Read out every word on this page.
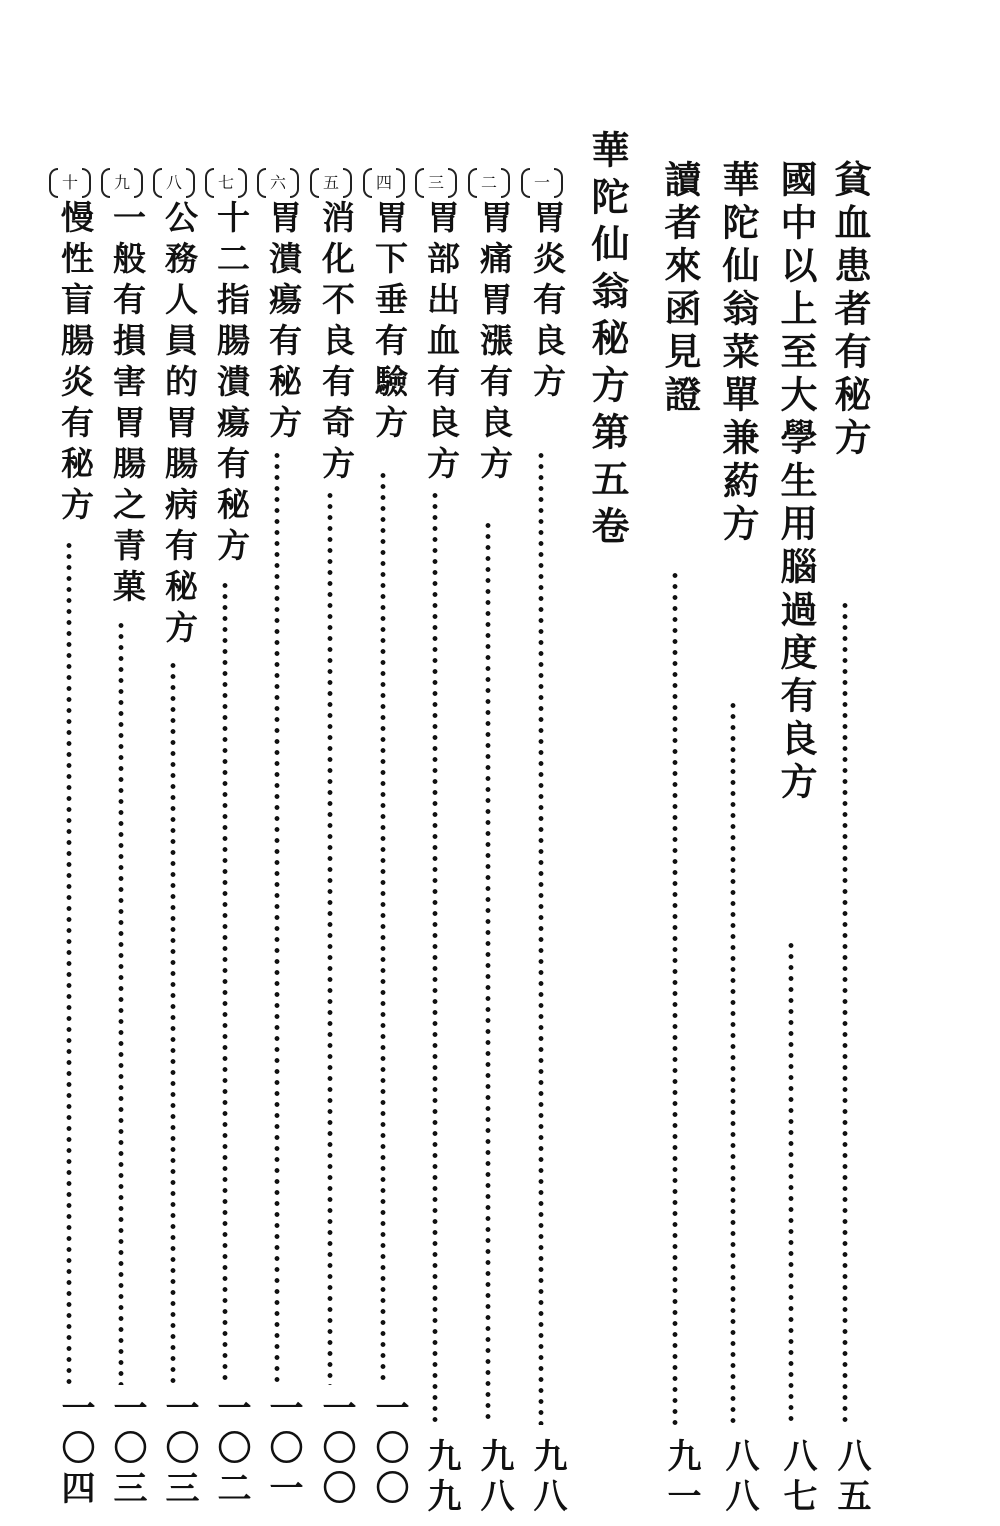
貧血患者有秘方
八五
國中以上至大學生用腦過度有良方
八七
華陀仙翁菜單兼葯方
八八
讀者來函見證
九一
華陀仙翁秘方第五卷
一
胃炎有良方
九八
二
胃痛胃漲有良方
九八
三
胃部出血有良方
九九
四
胃下垂有驗方
一〇〇
五
消化不良有奇方
一〇〇
六
胃潰瘍有秘方
一〇一
七
十二指腸潰瘍有秘方
一〇二
八
公務人員的胃腸病有秘方
一〇三
九
一般有損害胃腸之青菓
一〇三
十
慢性盲腸炎有秘方
一〇四
